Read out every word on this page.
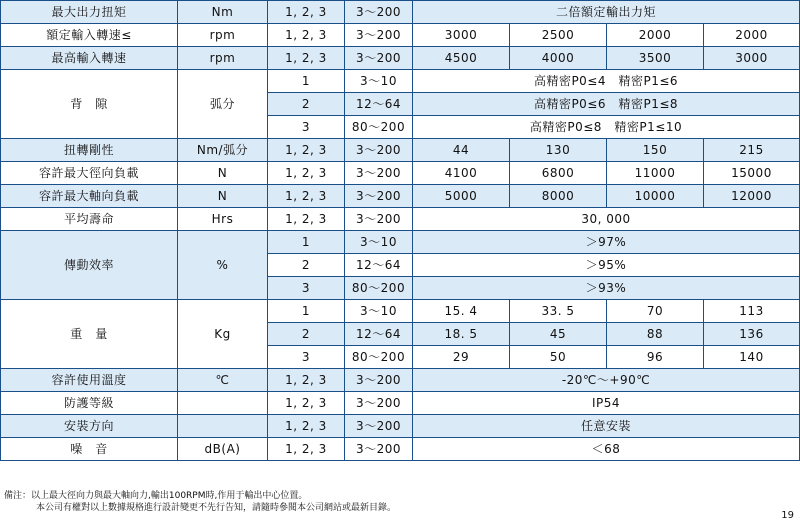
最大出力扭矩	Nm	1, 2, 3	3～200	二倍額定輸出力矩			
額定輸入轉速≤	rpm	1, 2, 3	3～200	3000	2500	2000	2000
最高輸入轉速	rpm	1, 2, 3	3～200	4500	4000	3500	3000
背　隙	弧分	1	3～10	高精密P0≤4　精密P1≤6			
		2	12～64	高精密P0≤6　精密P1≤8			
		3	80～200	高精密P0≤8　精密P1≤10			
扭轉剛性	Nm/弧分	1, 2, 3	3～200	44	130	150	215
容許最大徑向負載	N	1, 2, 3	3～200	4100	6800	11000	15000
容許最大軸向負載	N	1, 2, 3	3～200	5000	8000	10000	12000
平均壽命	Hrs	1, 2, 3	3～200	30, 000			
傳動效率	%	1	3～10	＞97%			
		2	12～64	＞95%			
		3	80～200	＞93%			
重　量	Kg	1	3～10	15. 4	33. 5	70	113
		2	12～64	18. 5	45	88	136
		3	80～200	29	50	96	140
容許使用溫度	℃	1, 2, 3	3～200	-20℃～+90℃			
防護等級		1, 2, 3	3～200	IP54			
安裝方向		1, 2, 3	3～200	任意安裝			
噪　音	dB(A)	1, 2, 3	3～200	＜68			
備注：以上最大徑向力與最大軸向力,輸出100RPM時,作用于輸出中心位置。
本公司有權對以上數據規格進行設計變更不先行告知，請隨時參閱本公司網站或最新目錄。
19
